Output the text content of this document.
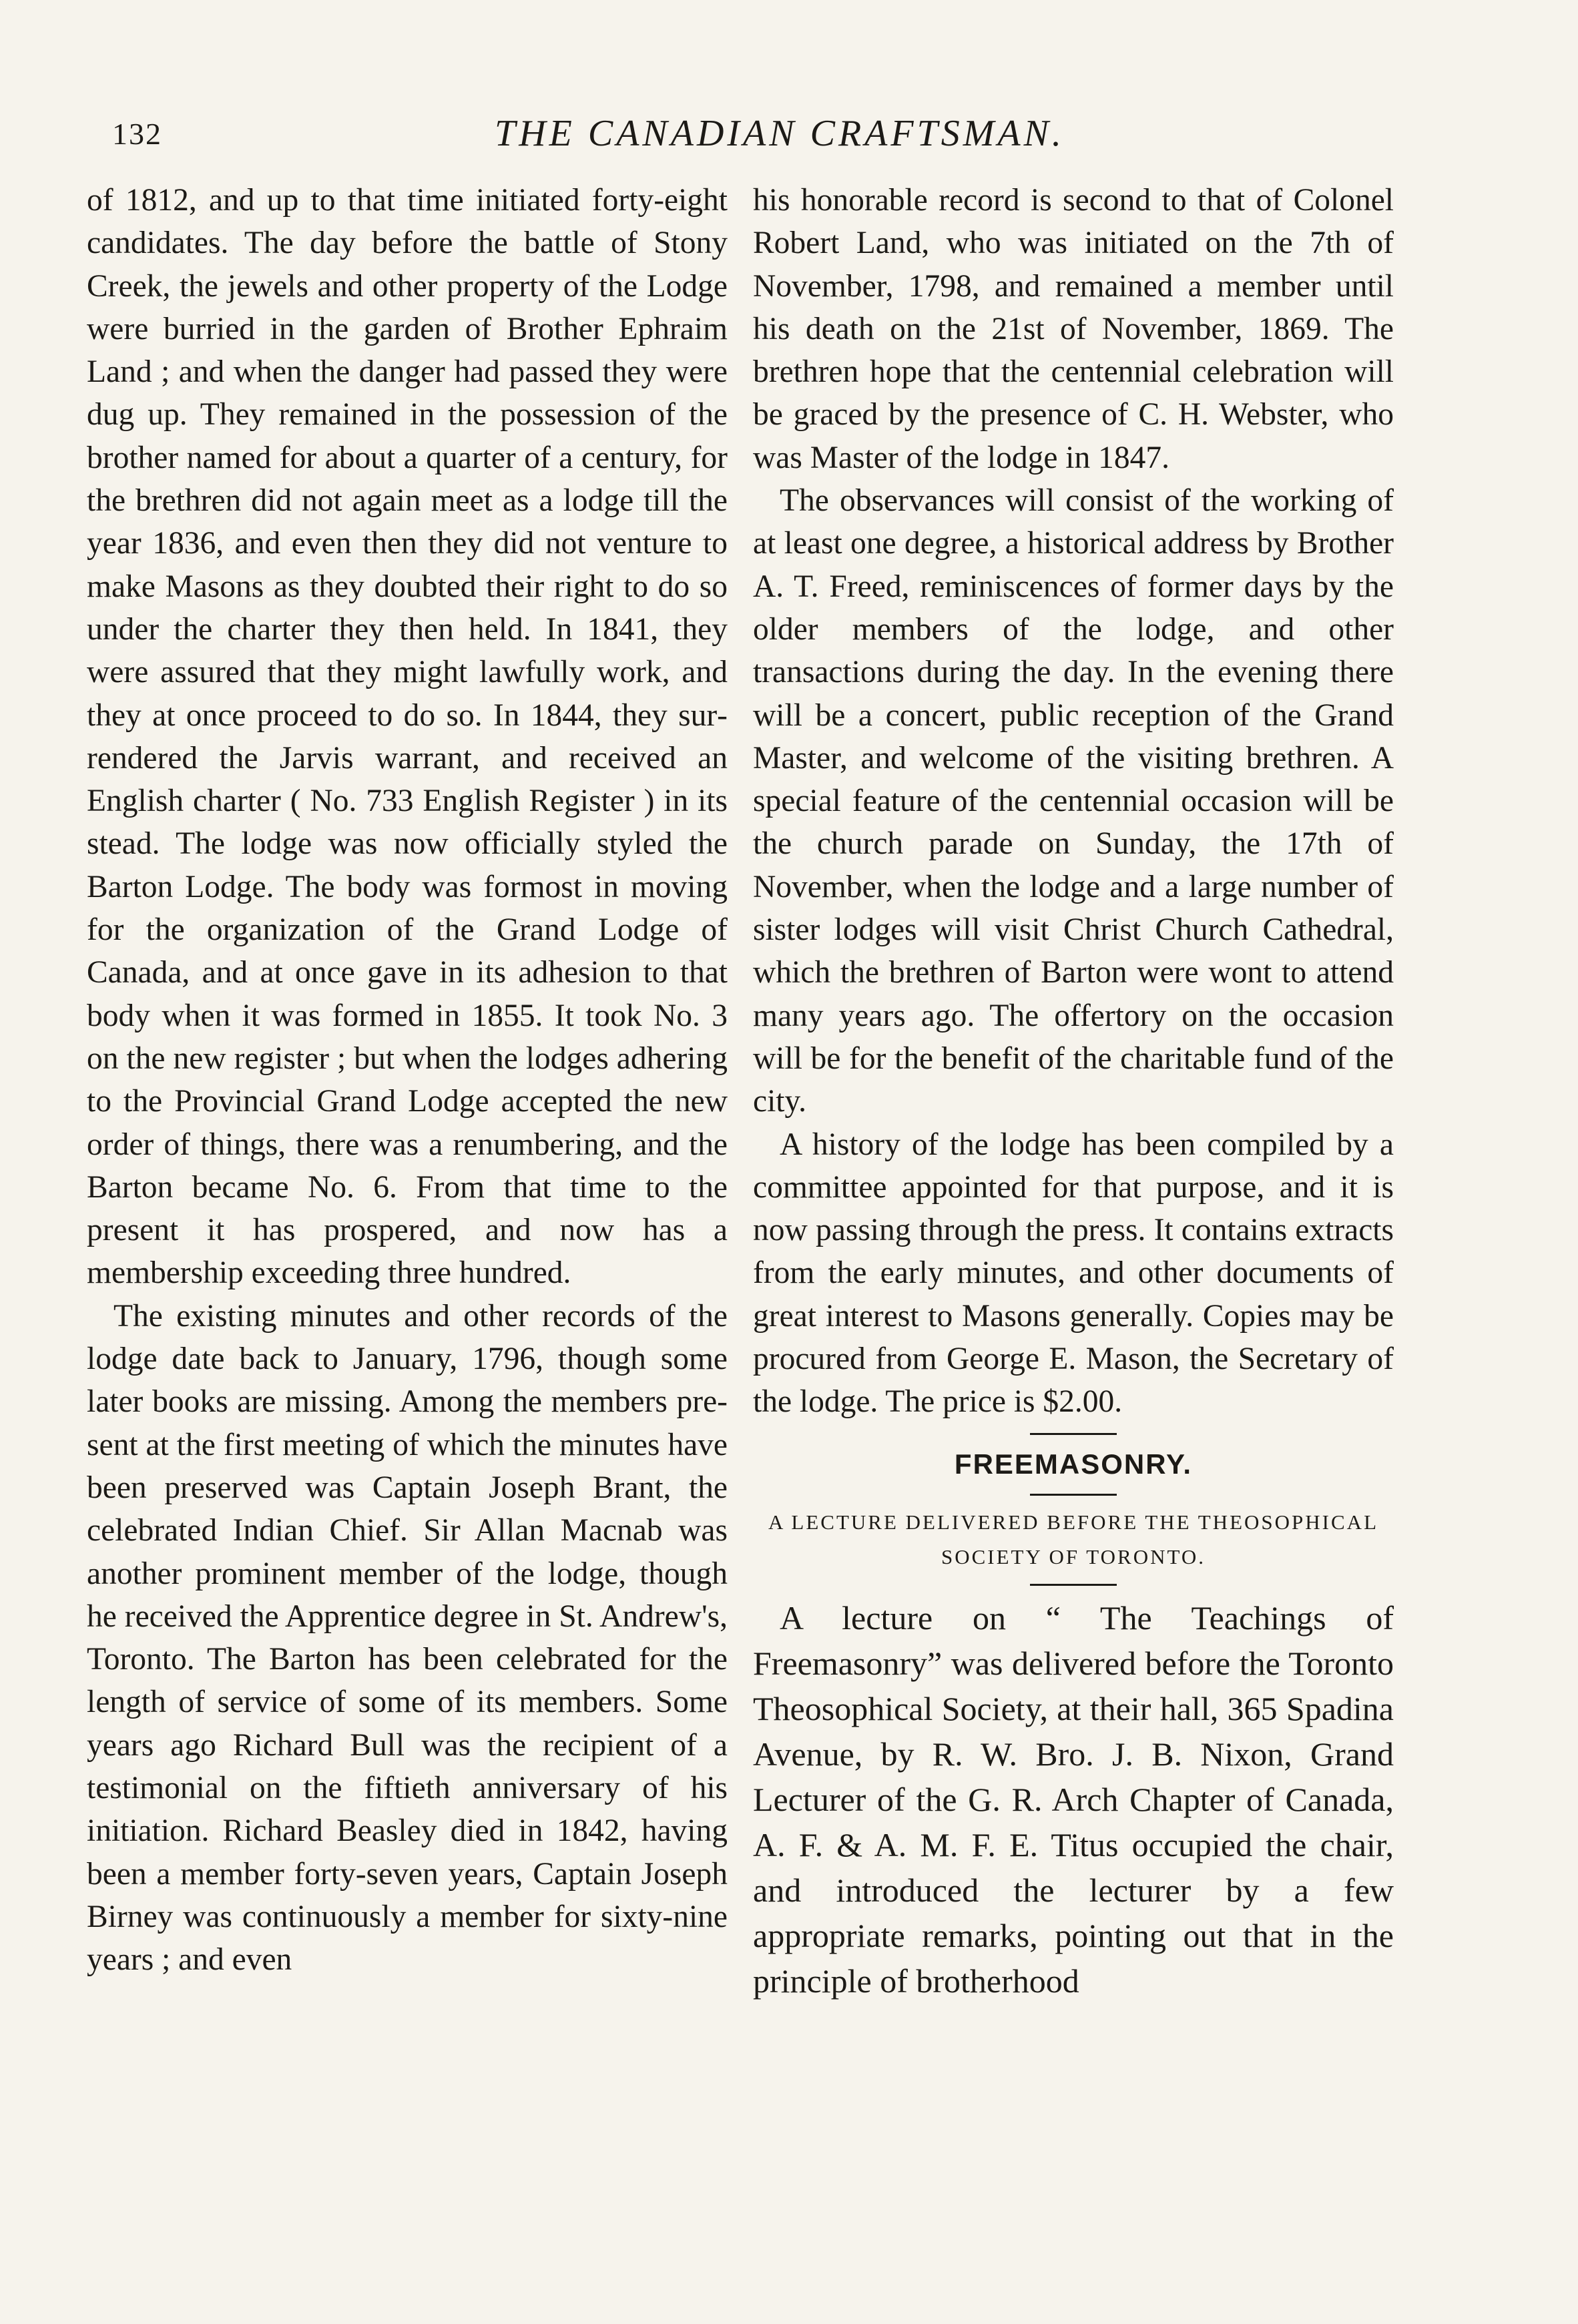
132	THE CANADIAN CRAFTSMAN.

of 1812, and up to that time initiated forty-eight candidates. The day before the battle of Stony Creek, the jewels and other property of the Lodge were burried in the garden of Brother Ephraim Land ; and when the danger had passed they were dug up. They remained in the possession of the brother named for about a quarter of a century, for the brethren did not again meet as a lodge till the year 1836, and even then they did not venture to make Masons as they doubted their right to do so under the charter they then held. In 1841, they were assured that they might lawfully work, and they at once proceed to do so. In 1844, they surrendered the Jarvis warrant, and received an English charter ( No. 733 English Register ) in its stead. The lodge was now officially styled the Barton Lodge. The body was formost in moving for the organization of the Grand Lodge of Canada, and at once gave in its adhesion to that body when it was formed in 1855. It took No. 3 on the new register ; but when the lodges adhering to the Provincial Grand Lodge accepted the new order of things, there was a renumbering, and the Barton became No. 6. From that time to the present it has prospered, and now has a membership exceeding three hundred.

The existing minutes and other records of the lodge date back to January, 1796, though some later books are missing. Among the members present at the first meeting of which the minutes have been preserved was Captain Joseph Brant, the celebrated Indian Chief. Sir Allan Macnab was another prominent member of the lodge, though he received the Apprentice degree in St. Andrew's, Toronto. The Barton has been celebrated for the length of service of some of its members. Some years ago Richard Bull was the recipient of a testimonial on the fiftieth anniversary of his initiation. Richard Beasley died in 1842, having been a member forty-seven years, Captain Joseph Birney was continuously a member for sixty-nine years ; and even

his honorable record is second to that of Colonel Robert Land, who was initiated on the 7th of November, 1798, and remained a member until his death on the 21st of November, 1869. The brethren hope that the centennial celebration will be graced by the presence of C. H. Webster, who was Master of the lodge in 1847.

The observances will consist of the working of at least one degree, a historical address by Brother A. T. Freed, reminiscences of former days by the older members of the lodge, and other transactions during the day. In the evening there will be a concert, public reception of the Grand Master, and welcome of the visiting brethren. A special feature of the centennial occasion will be the church parade on Sunday, the 17th of November, when the lodge and a large number of sister lodges will visit Christ Church Cathedral, which the brethren of Barton were wont to attend many years ago. The offertory on the occasion will be for the benefit of the charitable fund of the city.

A history of the lodge has been compiled by a committee appointed for that purpose, and it is now passing through the press. It contains extracts from the early minutes, and other documents of great interest to Masons generally. Copies may be procured from George E. Mason, the Secretary of the lodge. The price is $2.00.

FREEMASONRY.

A LECTURE DELIVERED BEFORE THE THEOSOPHICAL SOCIETY OF TORONTO.

A lecture on “ The Teachings of Freemasonry” was delivered before the Toronto Theosophical Society, at their hall, 365 Spadina Avenue, by R. W. Bro. J. B. Nixon, Grand Lecturer of the G. R. Arch Chapter of Canada, A. F. & A. M. F. E. Titus occupied the chair, and introduced the lecturer by a few appropriate remarks, pointing out that in the principle of brotherhood
